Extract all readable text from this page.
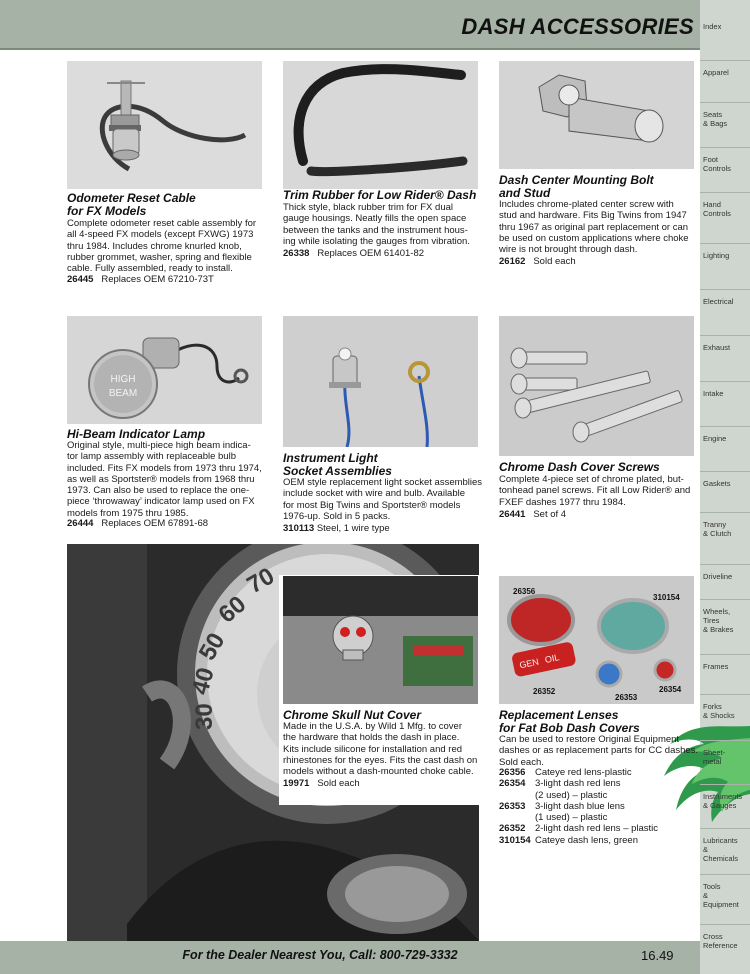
DASH ACCESSORIES Index
Apparel
Seats
& Bags
Foot
Controls
Hand
Controls
Lighting
Electrical
Exhaust
Intake
Engine
Gaskets
Tranny
& Clutch
Driveline
Wheels,
Tires
& Brakes
Frames
Forks
& Shocks
Sheet-
metal
Instruments
& Gauges
Lubricants
&
Chemicals
Tools
&
Equipment
Cross
Reference
Odometer Reset Cable
for FX Models
Complete odometer reset cable assembly for
all 4-speed FX models (except FXWG) 1973
thru 1984. Includes chrome knurled knob,
rubber grommet, washer, spring and flexible
cable. Fully assembled, ready to install.
26445 Replaces OEM 67210-73T
Trim Rubber for Low Rider® Dash
Thick style, black rubber trim for FX dual
gauge housings. Neatly fills the open space
between the tanks and the instrument hous-
ing while isolating the gauges from vibration.
26338 Replaces OEM 61401-82
Dash Center Mounting Bolt
and Stud
Includes chrome-plated center screw with
stud and hardware. Fits Big Twins from 1947
thru 1967 as original part replacement or can
be used on custom applications where choke
wire is not brought through dash.
26162 Sold each
HIGH
BEAM
Hi-Beam Indicator Lamp
Original style, multi-piece high beam indica-
tor lamp assembly with replaceable bulb
included. Fits FX models from 1973 thru 1974,
as well as Sportster® models from 1968 thru
1973. Can also be used to replace the one-
piece ‘throwaway’ indicator lamp used on FX
models from 1975 thru 1985.
26444 Replaces OEM 67891-68
Instrument Light
Socket Assemblies
OEM style replacement light socket assemblies
include socket with wire and bulb. Available
for most Big Twins and Sportster® models
1976-up. Sold in 5 packs.
310113 Steel, 1 wire type
Chrome Dash Cover Screws
Complete 4-piece set of chrome plated, but-
tonhead panel screws. Fit all Low Rider® and
FXEF dashes 1977 thru 1984.
26441 Set of 4
70
60
50
40
30	Chrome Skull Nut Cover
Made in the U.S.A. by Wild 1 Mfg. to cover
the hardware that holds the dash in place.
Kits include silicone for installation and red
rhinestones for the eyes. Fits the cast dash on
models without a dash-mounted choke cable.
19971 Sold each
26356
310154
26352
26353
26354
GEN OIL
Replacement Lenses
for Fat Bob Dash Covers
Can be used to restore Original Equipment
dashes or as replacement parts for CC dashes.
Sold each.
26356	Cateye red lens-plastic
26354	3-light dash red lens
(2 used) – plastic
26353	3-light dash blue lens
(1 used) – plastic
26352	2-light dash red lens – plastic
310154 Cateye dash lens, green
For the Dealer Nearest You, Call: 800-729-3332	16.49
